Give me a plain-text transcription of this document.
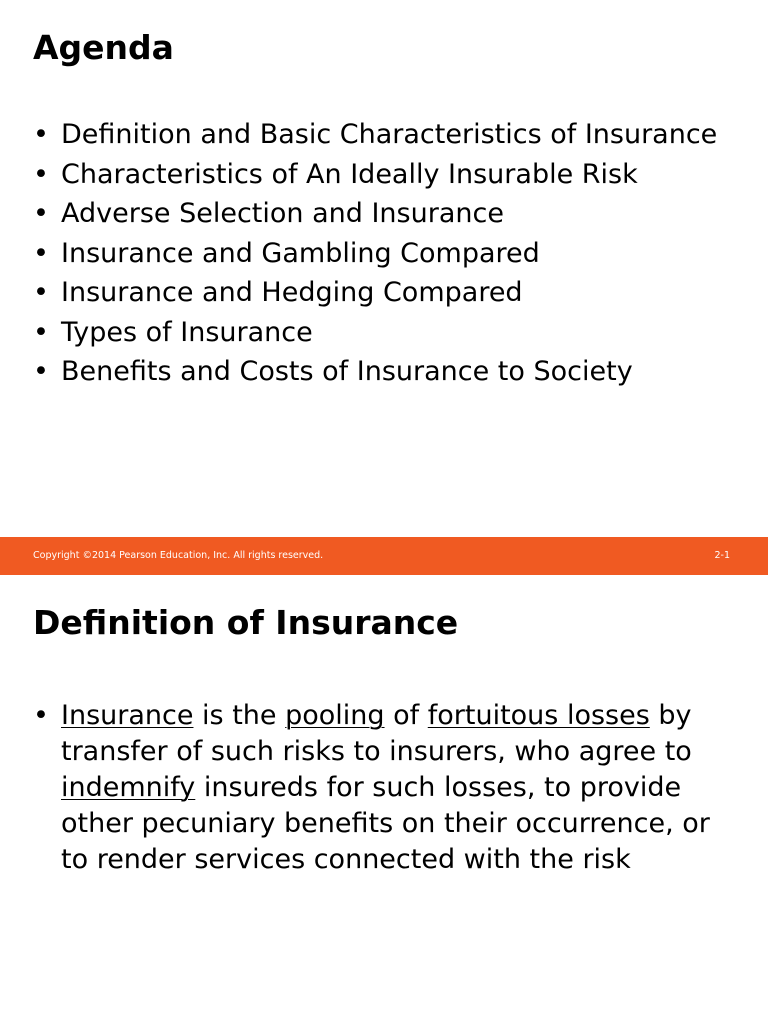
Agenda
• Definition and Basic Characteristics of Insurance
• Characteristics of An Ideally Insurable Risk
• Adverse Selection and Insurance
• Insurance and Gambling Compared
• Insurance and Hedging Compared
• Types of Insurance
• Benefits and Costs of Insurance to Society
Copyright ©2014 Pearson Education, Inc. All rights reserved.	2-1
Definition of Insurance
• Insurance is the pooling of fortuitous losses by transfer of such risks to insurers, who agree to indemnify insureds for such losses, to provide other pecuniary benefits on their occurrence, or to render services connected with the risk
